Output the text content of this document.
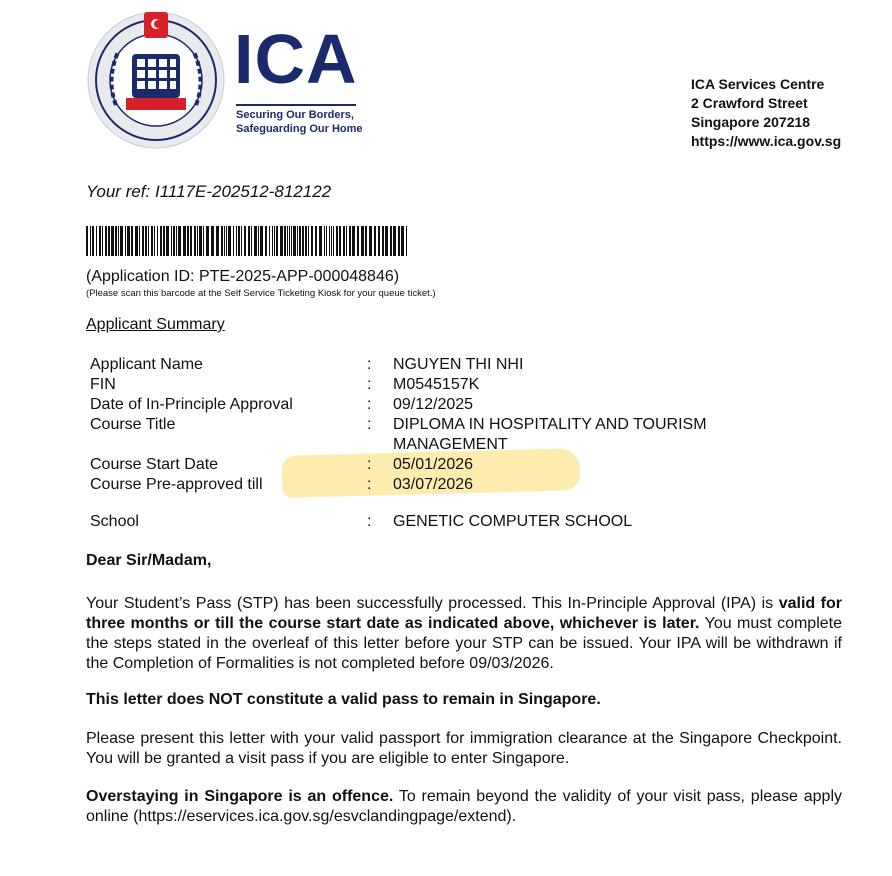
ICA
Securing Our Borders,
Safeguarding Our Home
ICA Services Centre
2 Crawford Street
Singapore 207218
https://www.ica.gov.sg
Your ref: I1117E-202512-812122
(Application ID: PTE-2025-APP-000048846)
(Please scan this barcode at the Self Service Ticketing Kiosk for your queue ticket.)
Applicant Summary
Applicant Name	: NGUYEN THI NHI
FIN	: M0545157K
Date of In-Principle Approval	: 09/12/2025
Course Title	: DIPLOMA IN HOSPITALITY AND TOURISM
MANAGEMENT
Course Start Date	: 05/01/2026
Course Pre-approved till	: 03/07/2026
School	: GENETIC COMPUTER SCHOOL
Dear Sir/Madam,
Your Student’s Pass (STP) has been successfully processed. This In-Principle Approval (IPA) is valid for three months or till the course start date as indicated above, whichever is later. You must complete the steps stated in the overleaf of this letter before your STP can be issued. Your IPA will be withdrawn if the Completion of Formalities is not completed before 09/03/2026.
This letter does NOT constitute a valid pass to remain in Singapore.
Please present this letter with your valid passport for immigration clearance at the Singapore Checkpoint. You will be granted a visit pass if you are eligible to enter Singapore.
Overstaying in Singapore is an offence. To remain beyond the validity of your visit pass, please apply online (https://eservices.ica.gov.sg/esvclandingpage/extend).
